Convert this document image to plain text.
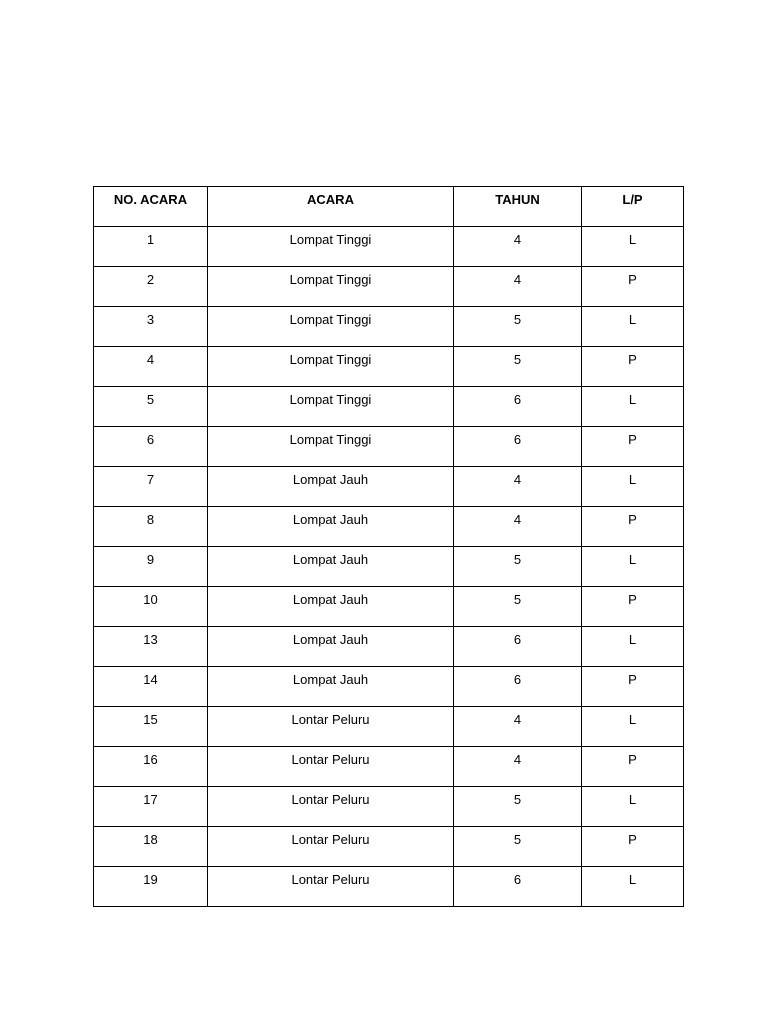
NO. ACARA	ACARA	TAHUN	L/P
1	Lompat Tinggi	4	L
2	Lompat Tinggi	4	P
3	Lompat Tinggi	5	L
4	Lompat Tinggi	5	P
5	Lompat Tinggi	6	L
6	Lompat Tinggi	6	P
7	Lompat Jauh	4	L
8	Lompat Jauh	4	P
9	Lompat Jauh	5	L
10	Lompat Jauh	5	P
13	Lompat Jauh	6	L
14	Lompat Jauh	6	P
15	Lontar Peluru	4	L
16	Lontar Peluru	4	P
17	Lontar Peluru	5	L
18	Lontar Peluru	5	P
19	Lontar Peluru	6	L
